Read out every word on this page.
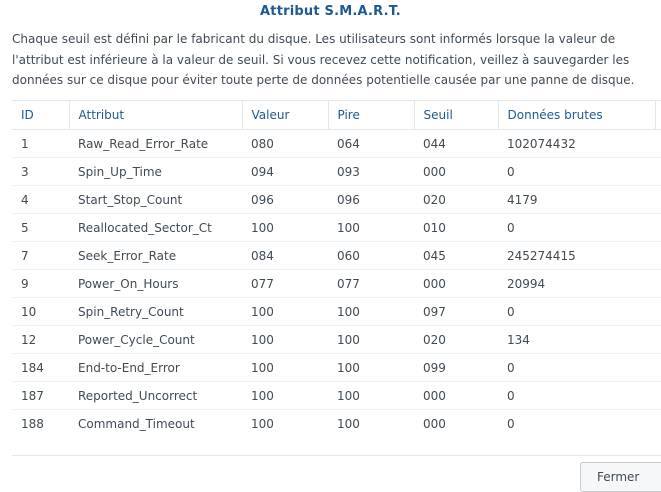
Attribut S.M.A.R.T.
Chaque seuil est défini par le fabricant du disque. Les utilisateurs sont informés lorsque la valeur de l'attribut est inférieure à la valeur de seuil. Si vous recevez cette notification, veillez à sauvegarder les données sur ce disque pour éviter toute perte de données potentielle causée par une panne de disque.
ID	Attribut	Valeur	Pire	Seuil	Données brutes	
1	Raw_Read_Error_Rate	080	064	044	102074432	
3	Spin_Up_Time	094	093	000	0	
4	Start_Stop_Count	096	096	020	4179	
5	Reallocated_Sector_Ct	100	100	010	0	
7	Seek_Error_Rate	084	060	045	245274415	
9	Power_On_Hours	077	077	000	20994	
10	Spin_Retry_Count	100	100	097	0	
12	Power_Cycle_Count	100	100	020	134	
184	End-to-End_Error	100	100	099	0	
187	Reported_Uncorrect	100	100	000	0	
188	Command_Timeout	100	100	000	0	
Fermer
